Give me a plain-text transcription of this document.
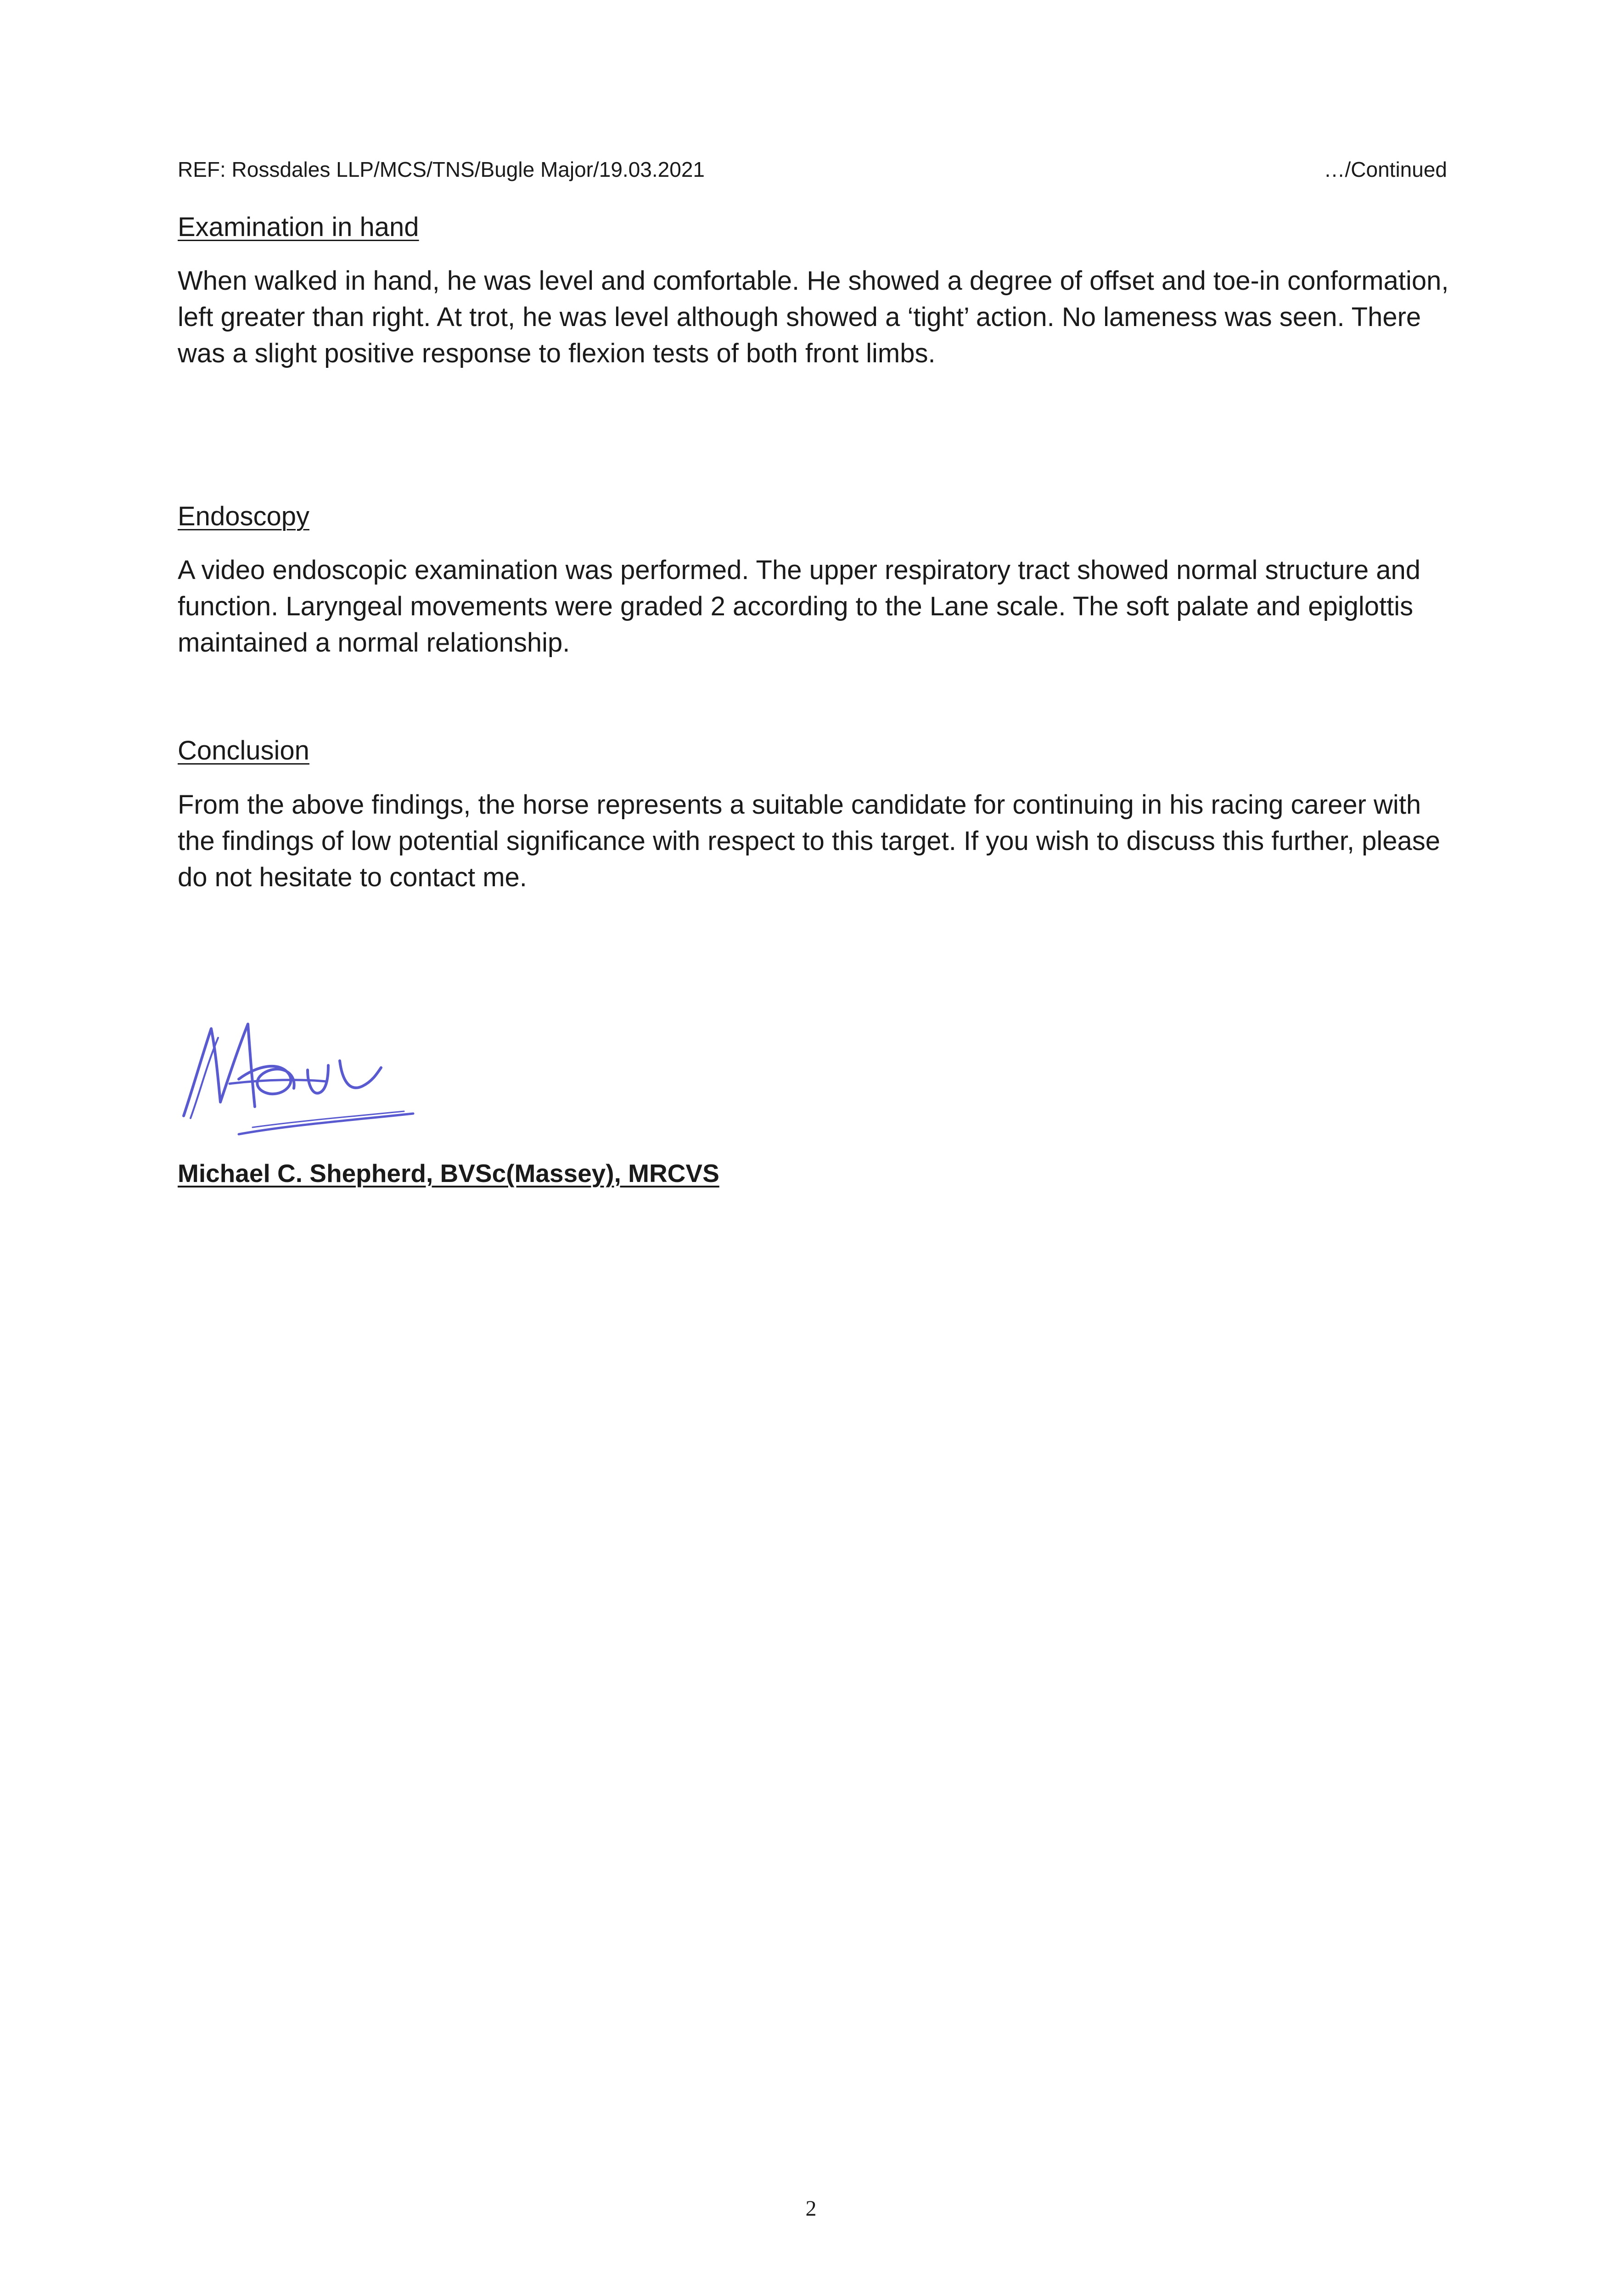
REF: Rossdales LLP/MCS/TNS/Bugle Major/19.03.2021	…/Continued
Examination in hand

When walked in hand, he was level and comfortable. He showed a degree of offset and toe-in conformation, left greater than right. At trot, he was level although showed a ‘tight’ action. No lameness was seen. There was a slight positive response to flexion tests of both front limbs.

Endoscopy

A video endoscopic examination was performed. The upper respiratory tract showed normal structure and function. Laryngeal movements were graded 2 according to the Lane scale. The soft palate and epiglottis maintained a normal relationship.

Conclusion

From the above findings, the horse represents a suitable candidate for continuing in his racing career with the findings of low potential significance with respect to this target. If you wish to discuss this further, please do not hesitate to contact me.

Michael C. Shepherd, BVSc(Massey), MRCVS

2
